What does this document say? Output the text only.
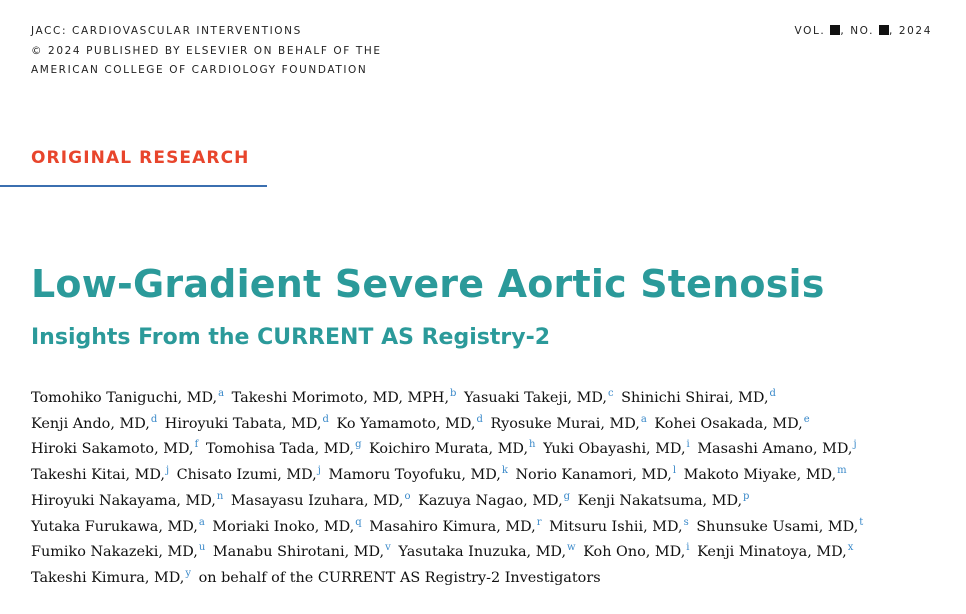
JACC: CARDIOVASCULAR INTERVENTIONS
© 2024 PUBLISHED BY ELSEVIER ON BEHALF OF THE
AMERICAN COLLEGE OF CARDIOLOGY FOUNDATION
VOL. , NO. , 2024
ORIGINAL RESEARCH
Low-Gradient Severe Aortic Stenosis
Insights From the CURRENT AS Registry-2
Tomohiko Taniguchi, MD,$^a$ Takeshi Morimoto, MD, MPH,$^b$ Yasuaki Takeji, MD,$^c$ Shinichi Shirai, MD,$^d$
Kenji Ando, MD,$^d$ Hiroyuki Tabata, MD,$^d$ Ko Yamamoto, MD,$^d$ Ryosuke Murai, MD,$^a$ Kohei Osakada, MD,$^e$
Hiroki Sakamoto, MD,$^f$ Tomohisa Tada, MD,$^g$ Koichiro Murata, MD,$^h$ Yuki Obayashi, MD,$^i$ Masashi Amano, MD,$^j$
Takeshi Kitai, MD,$^j$ Chisato Izumi, MD,$^j$ Mamoru Toyofuku, MD,$^k$ Norio Kanamori, MD,$^l$ Makoto Miyake, MD,$^m$
Hiroyuki Nakayama, MD,$^n$ Masayasu Izuhara, MD,$^o$ Kazuya Nagao, MD,$^g$ Kenji Nakatsuma, MD,$^p$
Yutaka Furukawa, MD,$^a$ Moriaki Inoko, MD,$^q$ Masahiro Kimura, MD,$^r$ Mitsuru Ishii, MD,$^s$ Shunsuke Usami, MD,$^t$
Fumiko Nakazeki, MD,$^u$ Manabu Shirotani, MD,$^v$ Yasutaka Inuzuka, MD,$^w$ Koh Ono, MD,$^i$ Kenji Minatoya, MD,$^x$
Takeshi Kimura, MD,$^y$ on behalf of the CURRENT AS Registry-2 Investigators
